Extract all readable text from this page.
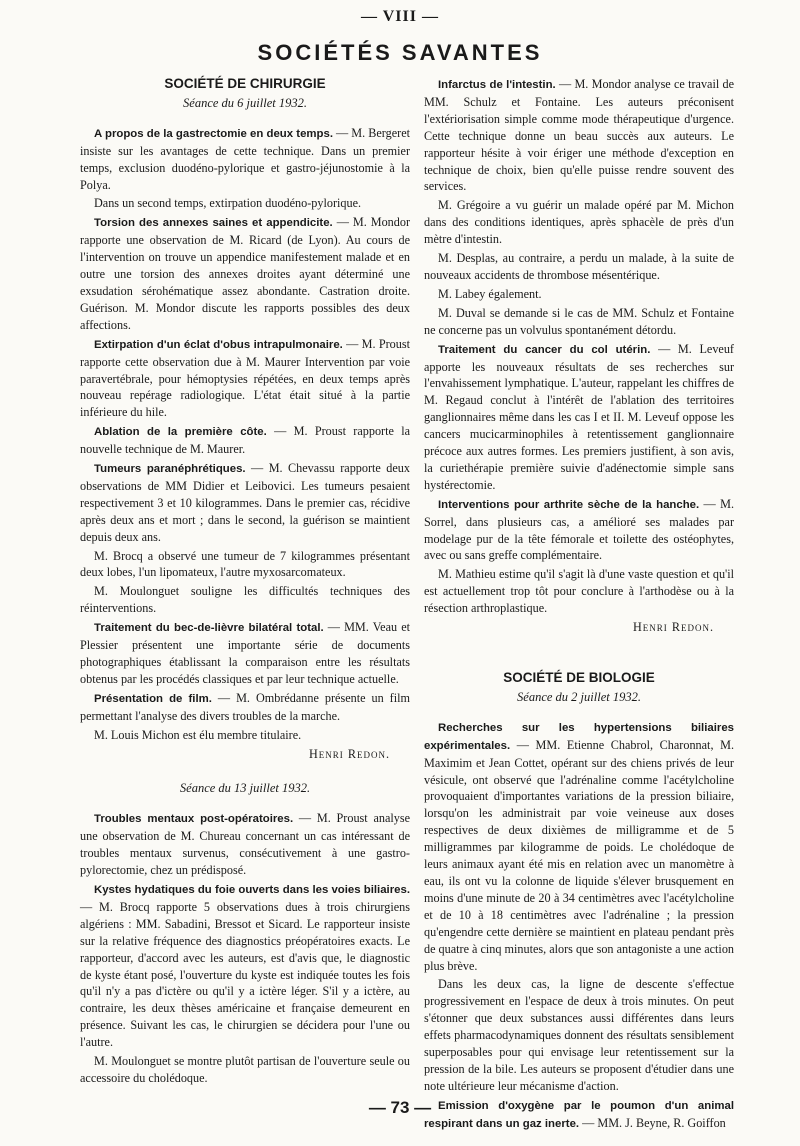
— VIII —
SOCIÉTÉS SAVANTES
SOCIÉTÉ DE CHIRURGIE
Séance du 6 juillet 1932.

A propos de la gastrectomie en deux temps. — M. Bergeret insiste sur les avantages de cette technique. Dans un premier temps, exclusion duodéno-pylorique et gastro-jéjunostomie à la Polya.

Dans un second temps, extirpation duodéno-pylorique.

Torsion des annexes saines et appendicite. — M. Mondor rapporte une observation de M. Ricard (de Lyon). Au cours de l'intervention on trouve un appendice manifestement malade et en outre une torsion des annexes droites ayant déterminé une exsudation sérohématique assez abondante. Castration droite. Guérison. M. Mondor discute les rapports possibles des deux affections.

Extirpation d'un éclat d'obus intrapulmonaire. — M. Proust rapporte cette observation due à M. Maurer Intervention par voie paravertébrale, pour hémoptysies répétées, en deux temps après nouveau repérage radiologique. L'état était situé à la partie inférieure du hile.

Ablation de la première côte. — M. Proust rapporte la nouvelle technique de M. Maurer.

Tumeurs paranéphrétiques. — M. Chevassu rapporte deux observations de MM Didier et Leibovici. Les tumeurs pesaient respectivement 3 et 10 kilogrammes. Dans le premier cas, récidive après deux ans et mort ; dans le second, la guérison se maintient depuis deux ans.

M. Brocq a observé une tumeur de 7 kilogrammes présentant deux lobes, l'un lipomateux, l'autre myxosarcomateux.

M. Moulonguet souligne les difficultés techniques des réinterventions.

Traitement du bec-de-lièvre bilatéral total. — MM. Veau et Plessier présentent une importante série de documents photographiques établissant la comparaison entre les résultats obtenus par les procédés classiques et par leur technique actuelle.

Présentation de film. — M. Ombrédanne présente un film permettant l'analyse des divers troubles de la marche.

M. Louis Michon est élu membre titulaire.

Henri Redon.
Séance du 13 juillet 1932.

Troubles mentaux post-opératoires. — M. Proust analyse une observation de M. Chureau concernant un cas intéressant de troubles mentaux survenus, consécutivement à une gastro-pylorectomie, chez un prédisposé.

Kystes hydatiques du foie ouverts dans les voies biliaires. — M. Brocq rapporte 5 observations dues à trois chirurgiens algériens : MM. Sabadini, Bressot et Sicard. Le rapporteur insiste sur la relative fréquence des diagnostics préopératoires exacts. Le rapporteur, d'accord avec les auteurs, est d'avis que, le diagnostic de kyste étant posé, l'ouverture du kyste est indiquée toutes les fois qu'il n'y a pas d'ictère ou qu'il y a ictère léger. S'il y a ictère, au contraire, les deux thèses américaine et française demeurent en présence. Suivant les cas, le chirurgien se décidera pour l'une ou l'autre.

M. Moulonguet se montre plutôt partisan de l'ouverture seule ou accessoire du cholédoque.

Infarctus de l'intestin. — M. Mondor analyse ce travail de MM. Schulz et Fontaine. Les auteurs préconisent l'extériorisation simple comme mode thérapeutique d'urgence. Cette technique donne un beau succès aux auteurs. Le rapporteur hésite à voir ériger une méthode d'exception en technique de choix, bien qu'elle puisse rendre souvent des services.

M. Grégoire a vu guérir un malade opéré par M. Michon dans des conditions identiques, après sphacèle de près d'un mètre d'intestin.

M. Desplas, au contraire, a perdu un malade, à la suite de nouveaux accidents de thrombose mésentérique.

M. Labey également.

M. Duval se demande si le cas de MM. Schulz et Fontaine ne concerne pas un volvulus spontanément détordu.

Traitement du cancer du col utérin. — M. Leveuf apporte les nouveaux résultats de ses recherches sur l'envahissement lymphatique. L'auteur, rappelant les chiffres de M. Regaud conclut à l'intérêt de l'ablation des territoires ganglionnaires même dans les cas I et II. M. Leveuf oppose les cancers mucicarminophiles à retentissement ganglionnaire précoce aux autres formes. Les premiers justifient, à son avis, la curiethérapie première suivie d'adénectomie simple sans hystérectomie.

Interventions pour arthrite sèche de la hanche. — M. Sorrel, dans plusieurs cas, a amélioré ses malades par modelage pur de la tête fémorale et toilette des ostéophytes, avec ou sans greffe complémentaire.

M. Mathieu estime qu'il s'agit là d'une vaste question et qu'il est actuellement trop tôt pour conclure à l'arthodèse ou à la résection arthroplastique.

Henri Redon.
SOCIÉTÉ DE BIOLOGIE
Séance du 2 juillet 1932.

Recherches sur les hypertensions biliaires expérimentales. — MM. Etienne Chabrol, Charonnat, M. Maximim et Jean Cottet, opérant sur des chiens privés de leur vésicule, ont observé que l'adrénaline comme l'acétylcholine provoquaient d'importantes variations de la pression biliaire, lorsqu'on les administrait par voie veineuse aux doses respectives de deux dixièmes de milligramme et de 5 milligrammes par kilogramme de poids. Le cholédoque de leurs animaux ayant été mis en relation avec un manomètre à eau, ils ont vu la colonne de liquide s'élever brusquement en moins d'une minute de 20 à 34 centimètres avec l'acétylcholine et de 10 à 18 centimètres avec l'adrénaline ; la pression qu'engendre cette dernière se maintient en plateau pendant près de quatre à cinq minutes, alors que son antagoniste a une action plus brève.

Dans les deux cas, la ligne de descente s'effectue progressivement en l'espace de deux à trois minutes. On peut s'étonner que deux substances aussi différentes dans leurs effets pharmacodynamiques donnent des résultats sensiblement superposables pour qui envisage leur retentissement sur la pression de la bile. Les auteurs se proposent d'étudier dans une note ultérieure leur mécanisme d'action.

Emission d'oxygène par le poumon d'un animal respirant dans un gaz inerte. — MM. J. Beyne, R. Goiffon

— 73 —
